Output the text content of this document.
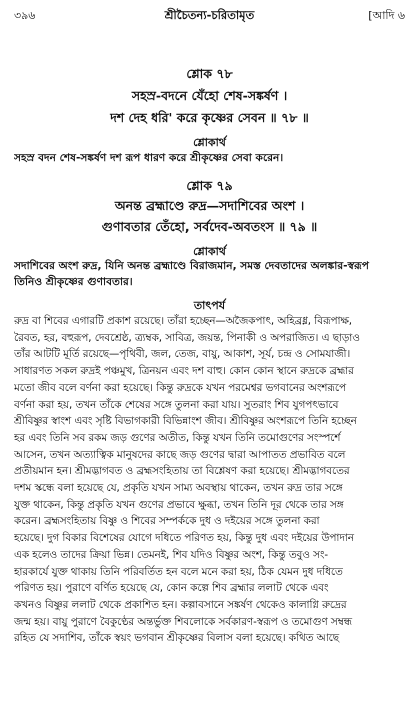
৩৯৬	শ্রীচৈতন্য-চরিতামৃত	[আদি ৬
শ্লোক ৭৮
সহস্র-বদনে যেঁহো শেষ-সঙ্কর্ষণ ।
দশ দেহ ধরি' করে কৃষ্ণের সেবন ॥ ৭৮ ॥
শ্লোকার্থ
সহস্র বদন শেষ-সঙ্কর্ষণ দশ রূপ ধারণ করে শ্রীকৃষ্ণের সেবা করেন।
শ্লোক ৭৯
অনন্ত ব্রহ্মাণ্ডে রুদ্র—সদাশিবের অংশ ।
গুণাবতার তেঁহো, সর্বদেব-অবতংস ॥ ৭৯ ॥
শ্লোকার্থ
সদাশিবের অংশ রুদ্র, যিনি অনন্ত ব্রহ্মাণ্ডে বিরাজমান, সমস্ত দেবতাদের অলঙ্কার-স্বরূপ
তিনিও শ্রীকৃষ্ণের গুণাবতার।
তাৎপর্য
রুদ্র বা শিবের এগারটি প্রকাশ রয়েছে। তাঁরা হচ্ছেন—অজৈকপাৎ, অহিব্রধ্ন, বিরূপাক্ষ,
রৈবত, হর, বহুরূপ, দেবশ্রেষ্ঠ, ত্র্যম্বক, সাবিত্র, জয়ন্ত, পিনাকী ও অপরাজিত। এ ছাড়াও
তাঁর আটটি মূর্তি রয়েছে—পৃথিবী, জল, তেজ, বায়ু, আকাশ, সূর্য, চন্দ্র ও সোমযাজী।
সাধারণত সকল রুদ্রই পঞ্চমুখ, ত্রিনয়ন এবং দশ বাহু। কোন কোন স্থানে রুদ্রকে ব্রহ্মার
মতো জীব বলে বর্ণনা করা হয়েছে। কিন্তু রুদ্রকে যখন পরমেশ্বর ভগবানের অংশরূপে
বর্ণনা করা হয়, তখন তাঁকে শেষের সঙ্গে তুলনা করা যায়। সুতরাং শিব যুগপৎভাবে
শ্রীবিষ্ণুর স্বাংশ এবং সৃষ্টি বিভাগকারী বিভিন্নাংশ জীব। শ্রীবিষ্ণুর অংশরূপে তিনি হচ্ছেন
হর এবং তিনি সব রকম জড় গুণের অতীত, কিন্তু যখন তিনি তমোগুণের সংস্পর্শে
আসেন, তখন অত্যাত্বিক মানুষদের কাছে জড় গুণের দ্বারা আপাতত প্রভাবিত বলে
প্রতীয়মান হন। শ্রীমদ্ভাগবত ও ব্রহ্মসংহিতায় তা বিশ্লেষণ করা হয়েছে। শ্রীমদ্ভাগবতের
দশম স্কন্ধে বলা হয়েছে যে, প্রকৃতি যখন সাম্য অবস্থায় থাকেন, তখন রুদ্র তার সঙ্গে
যুক্ত থাকেন, কিন্তু প্রকৃতি যখন গুণের প্রভাবে ক্ষুব্ধা, তখন তিনি দূর থেকে তার সঙ্গ
করেন। ব্রহ্মসংহিতায় বিষ্ণু ও শিবের সম্পর্ককে দুধ ও দইয়ের সঙ্গে তুলনা করা
হয়েছে। দুগ বিকার বিশেষের যোগে দধিতে পরিণত হয়, কিন্তু দুধ এবং দইয়ের উপাদান
এক হলেও তাদের ক্রিয়া ভিন্ন। তেমনই, শিব যদিও বিষ্ণুর অংশ, কিন্তু তবুও সং-
হারকার্যে যুক্ত থাকায় তিনি পরিবর্তিত হন বলে মনে করা হয়, ঠিক যেমন দুধ দধিতে
পরিণত হয়। পুরাণে বর্ণিত হয়েছে যে, কোন কল্পে শিব ব্রহ্মার ললাট থেকে এবং
কখনও বিষ্ণুর ললাট থেকে প্রকাশিত হন। কল্পাবসানে সঙ্কর্ষণ থেকেও কালাগ্নি রুদ্রের
জন্ম হয়। বায়ু পুরাণে বৈকুণ্ঠের অন্তর্ভুক্ত শিবলোকে সর্বকারণ-স্বরূপ ও তমোগুণ সম্বন্ধ
রহিত যে সদাশিব, তাঁকে স্বয়ং ভগবান শ্রীকৃষ্ণের বিলাস বলা হয়েছে। কথিত আছে
